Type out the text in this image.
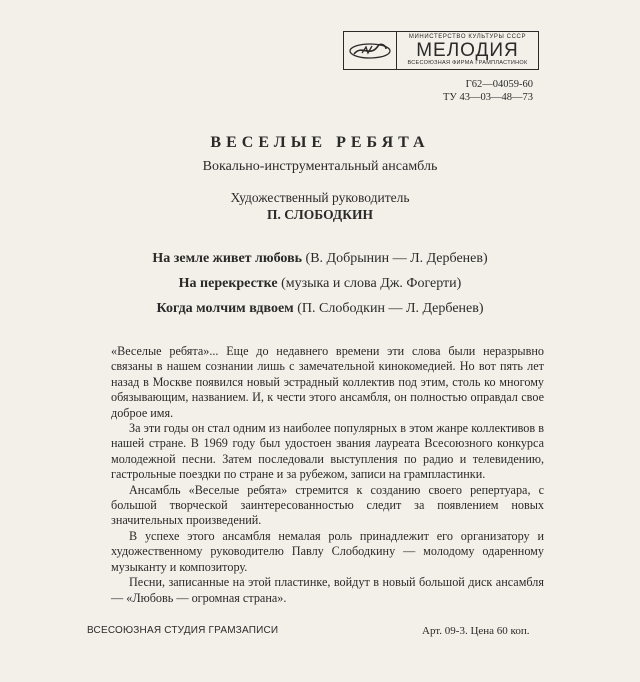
МИНИСТЕРСТВО КУЛЬТУРЫ СССР
МЕЛОДИЯ
ВСЕСОЮЗНАЯ ФИРМА ГРАМПЛАСТИНОК
Г62—04059-60
ТУ 43—03—48—73
ВЕСЕЛЫЕ РЕБЯТА
Вокально-инструментальный ансамбль
Художественный руководитель
П. СЛОБОДКИН
На земле живет любовь (В. Добрынин — Л. Дербенев)
На перекрестке (музыка и слова Дж. Фогерти)
Когда молчим вдвоем (П. Слободкин — Л. Дербенев)

«Веселые ребята»... Еще до недавнего времени эти слова были неразрывно связаны в нашем сознании лишь с замечательной кинокомедией. Но вот пять лет назад в Москве появился новый эстрадный коллектив под этим, столь ко многому обязывающим, названием. И, к чести этого ансамбля, он полностью оправдал свое доброе имя.

За эти годы он стал одним из наиболее популярных в этом жанре коллективов в нашей стране. В 1969 году был удостоен звания лауреата Всесоюзного конкурса молодежной песни. Затем последовали выступления по радио и телевидению, гастрольные поездки по стране и за рубежом, записи на грампластинки.

Ансамбль «Веселые ребята» стремится к созданию своего репертуара, с большой творческой заинтересованностью следит за появлением новых значительных произведений.

В успехе этого ансамбля немалая роль принадлежит его организатору и художественному руководителю Павлу Слободкину — молодому одаренному музыканту и композитору.

Песни, записанные на этой пластинке, войдут в новый большой диск ансамбля — «Любовь — огромная страна».

ВСЕСОЮЗНАЯ СТУДИЯ ГРАМЗАПИСИ	Арт. 09-3. Цена 60 коп.
